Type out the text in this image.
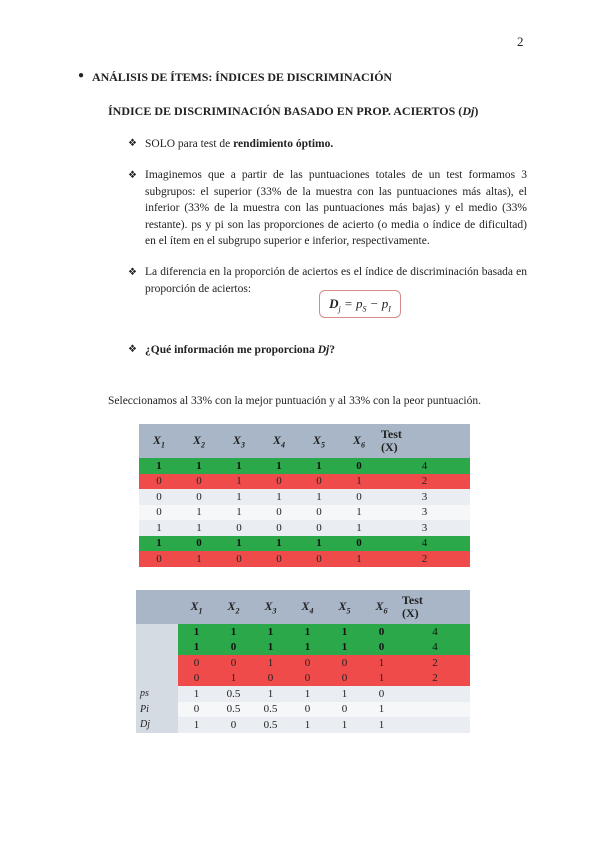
2
● ANÁLISIS DE ÍTEMS: ÍNDICES DE DISCRIMINACIÓN
ÍNDICE DE DISCRIMINACIÓN BASADO EN PROP. ACIERTOS (Dj)
❖ SOLO para test de rendimiento óptimo.
❖ Imaginemos que a partir de las puntuaciones totales de un test formamos 3 subgrupos: el superior (33% de la muestra con las puntuaciones más altas), el inferior (33% de la muestra con las puntuaciones más bajas) y el medio (33% restante). ps y pi son las proporciones de acierto (o media o índice de dificultad) en el ítem en el subgrupo superior e inferior, respectivamente.
❖ La diferencia en la proporción de aciertos es el índice de discriminación basada en proporción de aciertos:
$D_j = p_S - p_I$
❖ ¿Qué información me proporciona Dj?
Seleccionamos al 33% con la mejor puntuación y al 33% con la peor puntuación.
$X_1$	$X_2$	$X_3$	$X_4$	$X_5$	$X_6$	Test
(X)

1	1	1	1	1	0	4
0	0	1	0	0	1	2
0	0	1	1	1	0	3
0	1	1	0	0	1	3
1	1	0	0	0	1	3
1	0	1	1	1	0	4
0	1	0	0	0	1	2
	$X_1$	$X_2$	$X_3$	$X_4$	$X_5$	$X_6$	Test
(X)

	1	1	1	1	1	0	4
	1	0	1	1	1	0	4
	0	0	1	0	0	1	2
	0	1	0	0	0	1	2
ps	1	0.5	1	1	1	0	
Pi	0	0.5	0.5	0	0	1	
Dj	1	0	0.5	1	1	1	
